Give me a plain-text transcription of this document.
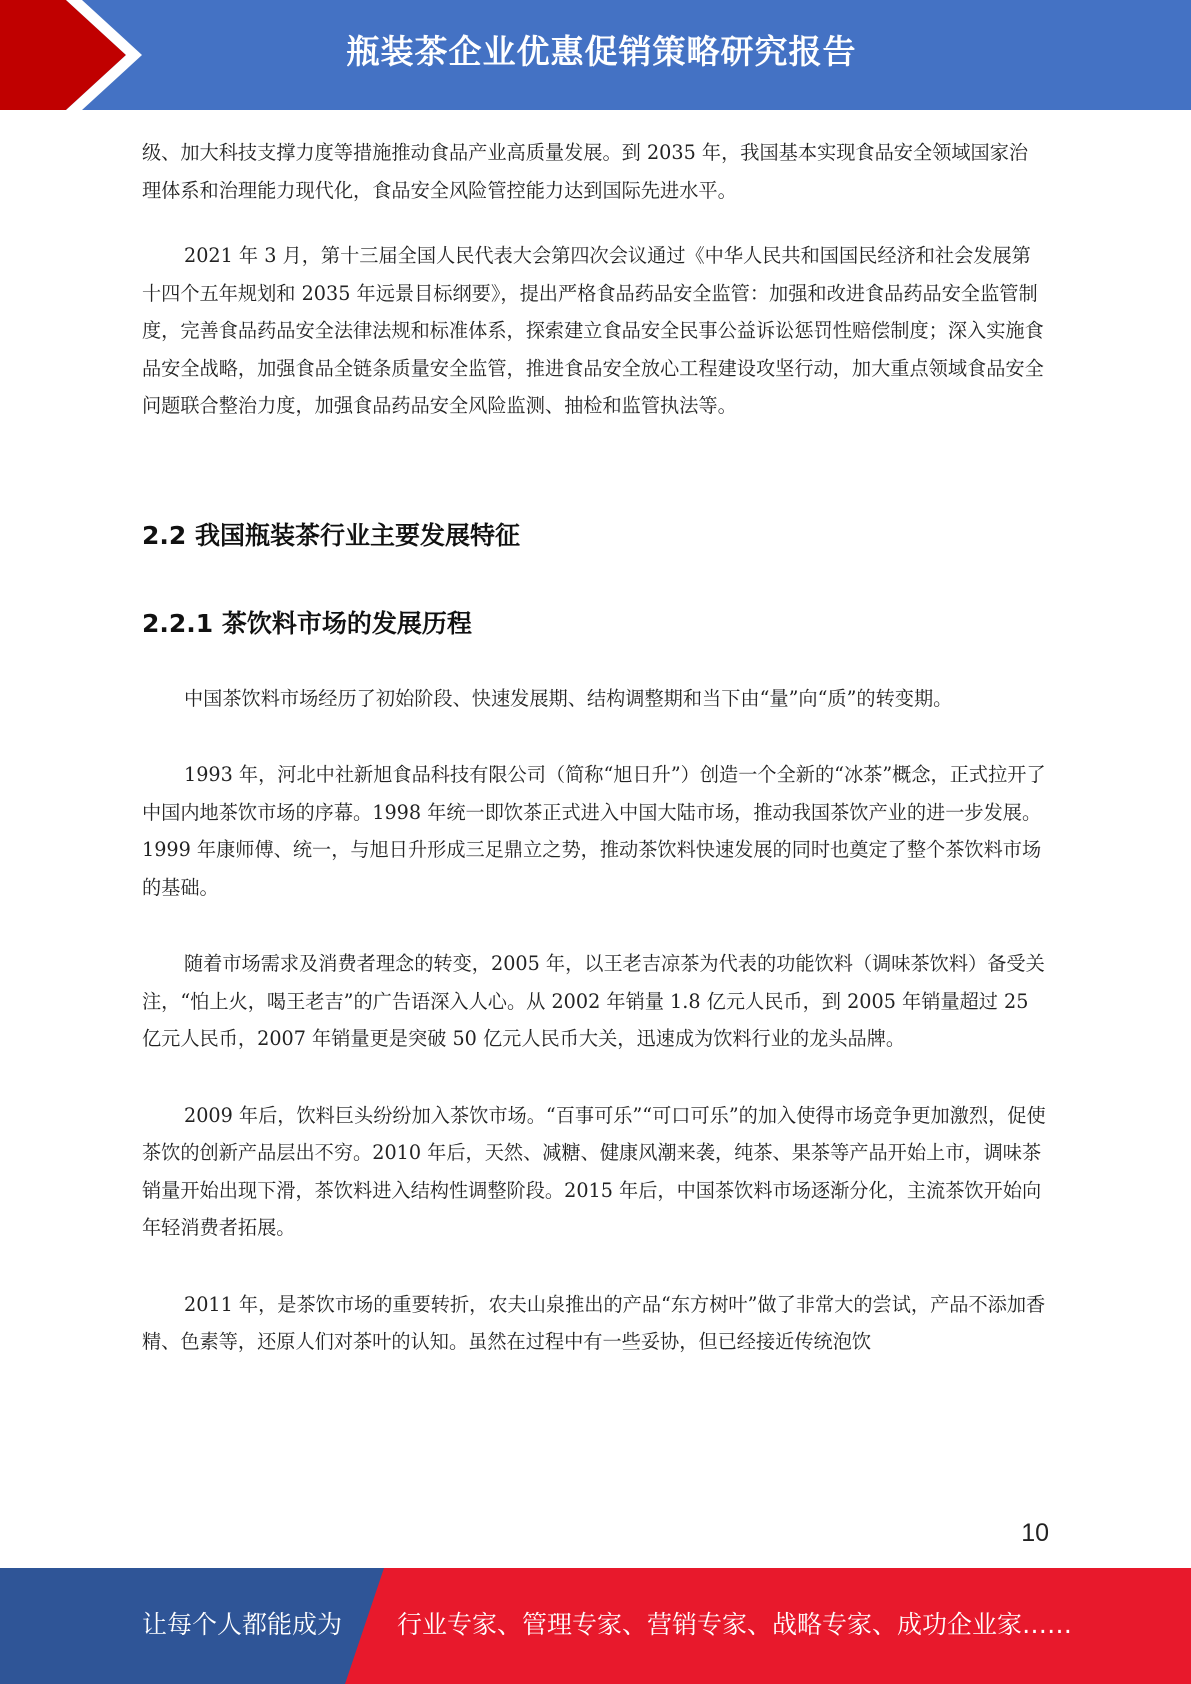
瓶装茶企业优惠促销策略研究报告

级、加大科技支撑力度等措施推动食品产业高质量发展。到 2035 年，我国基本实现食品安全领域国家治理体系和治理能力现代化，食品安全风险管控能力达到国际先进水平。

2021 年 3 月，第十三届全国人民代表大会第四次会议通过《中华人民共和国国民经济和社会发展第十四个五年规划和 2035 年远景目标纲要》，提出严格食品药品安全监管：加强和改进食品药品安全监管制度，完善食品药品安全法律法规和标准体系，探索建立食品安全民事公益诉讼惩罚性赔偿制度；深入实施食品安全战略，加强食品全链条质量安全监管，推进食品安全放心工程建设攻坚行动，加大重点领域食品安全问题联合整治力度，加强食品药品安全风险监测、抽检和监管执法等。

2.2 我国瓶装茶行业主要发展特征
2.2.1 茶饮料市场的发展历程

中国茶饮料市场经历了初始阶段、快速发展期、结构调整期和当下由“量”向“质”的转变期。

1993 年，河北中社新旭食品科技有限公司（简称“旭日升”）创造一个全新的“冰茶”概念，正式拉开了中国内地茶饮市场的序幕。1998 年统一即饮茶正式进入中国大陆市场，推动我国茶饮产业的进一步发展。1999 年康师傅、统一，与旭日升形成三足鼎立之势，推动茶饮料快速发展的同时也奠定了整个茶饮料市场的基础。

随着市场需求及消费者理念的转变，2005 年，以王老吉凉茶为代表的功能饮料（调味茶饮料）备受关注，“怕上火，喝王老吉”的广告语深入人心。从 2002 年销量 1.8 亿元人民币，到 2005 年销量超过 25 亿元人民币，2007 年销量更是突破 50 亿元人民币大关，迅速成为饮料行业的龙头品牌。

2009 年后，饮料巨头纷纷加入茶饮市场。“百事可乐”“可口可乐”的加入使得市场竞争更加激烈，促使茶饮的创新产品层出不穷。2010 年后，天然、减糖、健康风潮来袭，纯茶、果茶等产品开始上市，调味茶销量开始出现下滑，茶饮料进入结构性调整阶段。2015 年后，中国茶饮料市场逐渐分化，主流茶饮开始向年轻消费者拓展。

2011 年，是茶饮市场的重要转折，农夫山泉推出的产品“东方树叶”做了非常大的尝试，产品不添加香精、色素等，还原人们对茶叶的认知。虽然在过程中有一些妥协，但已经接近传统泡饮

10
让每个人都能成为 行业专家、管理专家、营销专家、战略专家、成功企业家……
